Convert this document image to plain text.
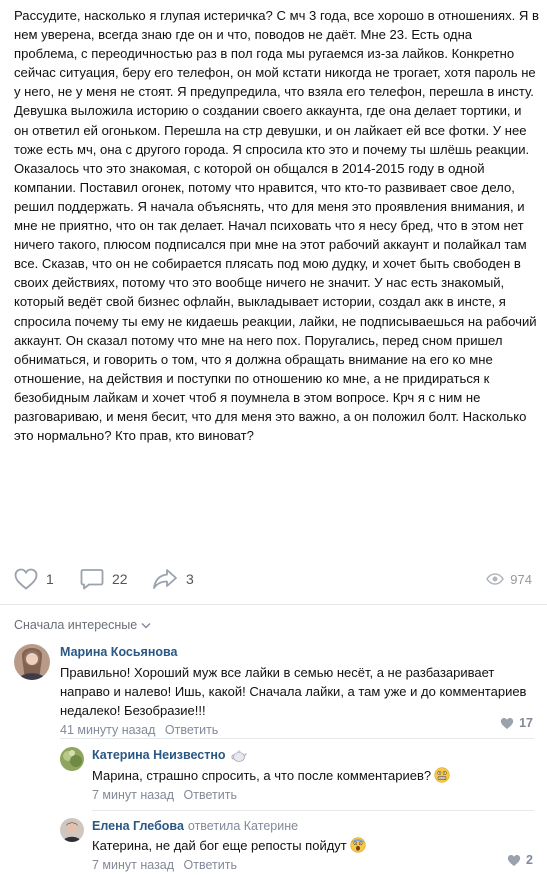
Рассудите, насколько я глупая истеричка? С мч 3 года, все хорошо в отношениях. Я в нем уверена, всегда знаю где он и что, поводов не даёт. Мне 23. Есть одна проблема, с переодичностью раз в пол года мы ругаемся из-за лайков. Конкретно сейчас ситуация, беру его телефон, он мой кстати никогда не трогает, хотя пароль не у него, не у меня не стоят. Я предупредила, что взяла его телефон, перешла в инсту. Девушка выложила историю о создании своего аккаунта, где она делает тортики, и он ответил ей огоньком. Перешла на стр девушки, и он лайкает ей все фотки. У нее тоже есть мч, она с другого города. Я спросила кто это и почему ты шлёшь реакции. Оказалось что это знакомая, с которой он общался в 2014-2015 году в одной компании. Поставил огонек, потому что нравится, что кто-то развивает свое дело, решил поддержать. Я начала объяснять, что для меня это проявления внимания, и мне не приятно, что он так делает. Начал психовать что я несу бред, что в этом нет ничего такого, плюсом подписался при мне на этот рабочий аккаунт и полайкал там все. Сказав, что он не собирается плясать под мою дудку, и хочет быть свободен в своих действиях, потому что это вообще ничего не значит. У нас есть знакомый, который ведёт свой бизнес офлайн, выкладывает истории, создал акк в инсте, я спросила почему ты ему не кидаешь реакции, лайки, не подписываешься на рабочий аккаунт. Он сказал потому что мне на него пох. Поругались, перед сном пришел обниматься, и говорить о том, что я должна обращать внимание на его ко мне отношение, на действия и поступки по отношению ко мне, а не придираться к безобидным лайкам и хочет чтоб я поумнела в этом вопросе. Крч я с ним не разговариваю, и меня бесит, что для меня это важно, а он положил болт. Насколько это нормально? Кто прав, кто виноват?

1	22	3	974
Сначала интересные
Марина Косьянова
Правильно! Хороший муж все лайки в семью несёт, а не разбазаривает направо и налево! Ишь, какой! Сначала лайки, а там уже и до комментариев недалеко! Безобразие!!!
41 минуту назад Ответить	17
Катерина Неизвестно
Марина, страшно спросить, а что после комментариев?
7 минут назад Ответить
Елена Глебова ответила Катерине
Катерина, не дай бог еще репосты пойдут
7 минут назад Ответить	2
